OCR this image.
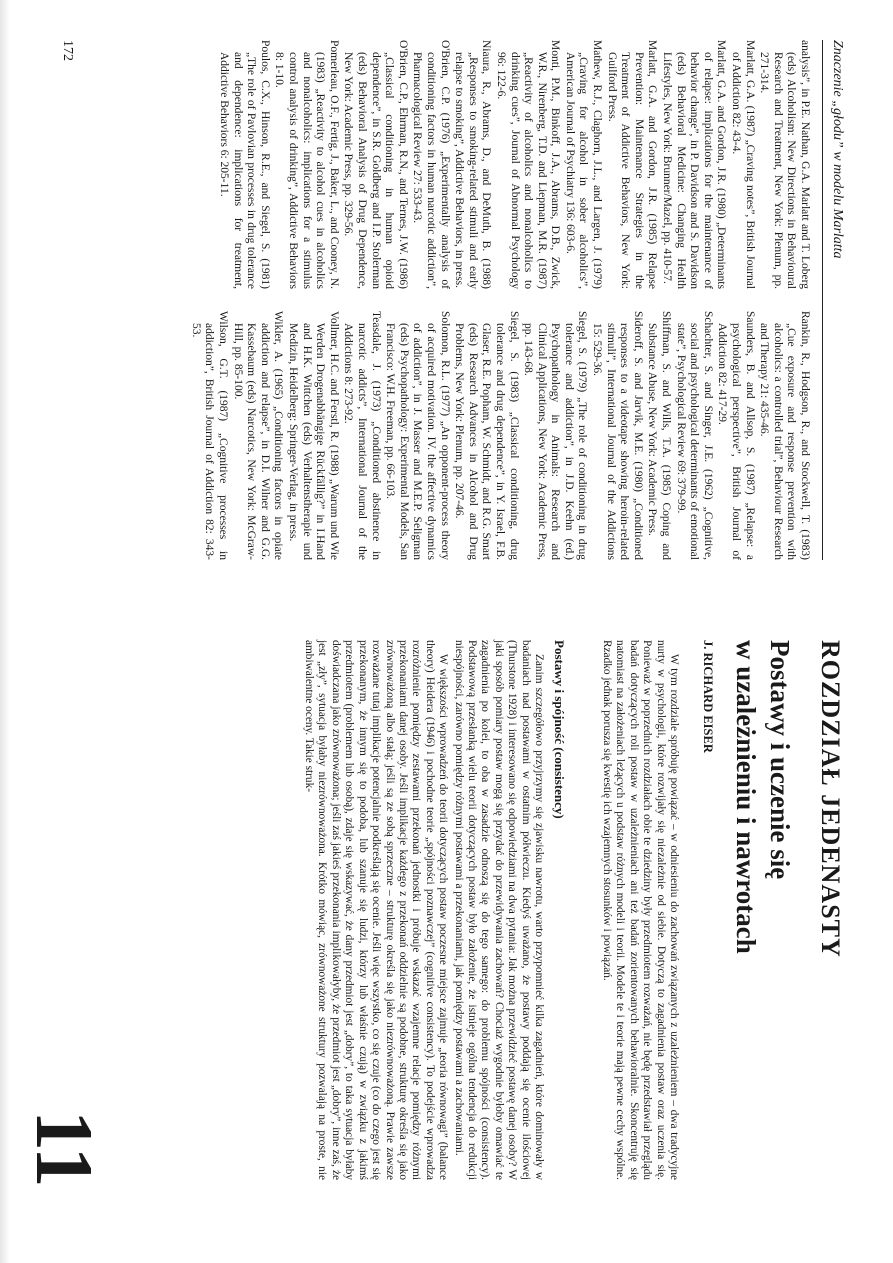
Znaczenie „głodu” w modelu Marlatta

analysis”, in P.E. Nathan, G.A. Marlatt and T. Loberg (eds) Alcoholism: New Directions in Behavioural Research and Treatment, New York: Plenum, pp. 271-314.

Marlatt, G.A. (1987) „Craving notes”, British Journal of Addiction 82: 43-4.

Marlatt, G.A. and Gordon, J.R. (1980) „Determinants of relapse: implications for the maintenance of behavior change”, in P. Davidson and S. Davidson (eds) Behavioral Medicine: Changing Health Lifestyles, New York: Brunner/Mazel, pp. 410-57.

Marlatt, G.A. and Gordon, J.R. (1985) Relapse Prevention: Maintenance Strategies in the Treatment of Addictive Behaviors, New York: Guilford Press.

Mathew, R.J., Claghorn, J.L., and Largen, J. (1979) „Craving for alcohol in sober alcoholics”, American Journal of Psychiatry 136: 603-6.

Monti, P.M., Binkoff, J.A., Abrams, D.B., Zwick, W.R., Nirenberg, T.D. and Liepman, M.R. (1987) „Reactivity of alcoholics and nonalcoholics to drinking cues”, Journal of Abnormal Psychology 96: 122-6.

Niaura, R., Abrams, D., and DeMuth, B. (1988) „Responses to smoking-related stimuli and early relapse to smoking”, Addictive Behaviors, in press.

O'Brien, C.P. (1976) „Experimentally analysis of conditioning factors in human narcotic addiction”, Pharmacological Review 27: 533-43.

O'Brien, C.P., Ehrman, R.N., and Ternes, J.W. (1986) „Classical conditioning in human opioid dependence”, in S.R. Goldberg and I.P. Stolerman (eds) Behavioral Analysis of Drug Dependence, New York: Academic Press, pp. 329-56.

Pomerleau, O.F., Fertig, J., Baker, L., and Cooney, N. (1983) „Reactivity to alcohol cues in alcoholics and nonalcoholics: implications for a stimulus control analysis of drinking”, Addictive Behaviors 8: 1-10.

Poulos, C.X., Hinson, R.E., and Siegel, S. (1981) „The role of Pavlovian processes in drug tolerance and dependence: implications for treatment, Addictive Behaviors 6: 205-11.

Rankin, R., Hodgson, R., and Stockwell, T. (1983) „Cue exposure and response prevention with alcoholics: a controlled trial”, Behaviour Research and Therapy 21: 435-46.

Saunders, B. and Allsop, S. (1987) „Relapse: a psychological perspective”, British Journal of Addiction 82: 417-29.

Schachter, S. and Singer, J.E. (1962) „Cognitive, social and psychological determinants of emotional state”, Psychological Review 69: 379-99.

Shiffman, S. and Wills, T.A. (1985) Coping and Substance Abuse, New York: Academic Press.

Sideroff, S. and Jarvik, M.E. (1980) „Conditioned responses to a videotape showing heroin-related stimuli”, International Journal of the Addictions 15: 529-36.

Siegel, S. (1979) „The role of conditioning in drug tolerance and addiction”, in J.D. Keehn (ed.) Psychopathology in Animals: Research and Clinical Applications, New York: Academic Press, pp. 143-68.

Siegel, S. (1983) „Classical conditioning, drug tolerance and drug dependence”, in Y. Israel, F.B. Glaser, R.E. Popham, W. Schmidt, and R.G. Smart (eds) Research Advances in Alcohol and Drug Problems, New York: Plenum, pp. 207-46.

Solomon, R.L. (1977) „An opponent-process theory of acquired motivation. IV. the affective dynamics of addiction”, in J. Masser and M.E.P. Seligman (eds) Psychopathology: Experimental Models, San Francisco: W.H. Freeman, pp. 66-103.

Teasdale, J. (1973) „Conditioned abstinence in narcotic addicts”, International Journal of the Addictions 8: 273-92.

Vollmer, H.C. and Ferstl, R. (1988) „Warum und Wie Werden Drogenabhängige Rückfällig?” in I.Hand and H.K. Wittchen (eds) Verhaltenstherapie und Medizin, Heidelberg: Springer-Verlag, in press.

Wikler, A. (1965) „Conditioning factors in opiate addiction and relapse”, in D.I. Wilner and G.G. Kassebaum (eds) Narcotics, New York: McGraw-Hill, pp. 85-100.

Wilson, G.T. (1987) „Cognitive processes in addiction”, British Journal of Addiction 82: 343-53.

172
ROZDZIAŁ JEDENASTY
11
Postawy i uczenie się
w uzależnieniu i nawrotach
J. RICHARD EISER

W tym rozdziale spróbuję powiązać – w odniesieniu do zachowań związanych z uzależnieniem – dwa tradycyjne nurty w psychologii, które rozwijały się niezależnie od siebie. Dotyczą to zagadnienia postaw oraz uczenia się. Ponieważ w poprzednich rozdziałach obie te dziedziny były przedmiotem rozważań, nie będę przedstawiał przeglądu badań dotyczących roli postaw w uzależnieniach ani też badań zorientowanych behawioralnie. Skoncentruję się natomiast na założeniach leżących u podstaw różnych modeli i teorii. Modele te i teorie mają pewne cechy wspólne. Rzadko jednak porusza się kwestię ich wzajemnych stosunków i powiązań.

Postawy i spójność (consistency)

Zanim szczegółowo przyjrzymy się zjawisku nawrotu, warto przypomnieć kilka zagadnień, które dominowały w badaniach nad postawami w ostatnim półwieczu. Kiedyś uważano, że postawy poddają się ocenie ilościowej (Thurstone 1928) i interesowano się odpowiedziami na dwa pytania: Jak można przewidzieć postawę danej osoby? W jaki sposób pomiary postaw mogą się przydać do przewidywania zachowań? Chociaż wygodnie byłoby omawiać te zagadnienia po kolei, to oba w zasadzie odnoszą się do tego samego: do problemu spójności (consistency). Podstawową przesłanką wielu teorii dotyczących postaw było założenie, że istnieje ogólna tendencja do redukcji niespójności, zarówno pomiędzy różnymi postawami a przekonaniami, jak pomiędzy postawami a zachowaniami.

W większości wprowadzeń do teorii dotyczących postaw poczesne miejsce zajmuje „teoria równowagi” (balance theory) Heidera (1946) i pochodne teorie „spójności poznawczej” (cognitive consistency). To podejście wprowadza rozróżnienie pomiędzy zestawami przekonań jednostki i próbuje wskazać wzajemne relacje pomiędzy różnymi przekonaniami danej osoby. Jeśli implikacje każdego z przekonań oddzielnie są podobne, strukturę określa się jako zrównoważoną albo stałą; jeśli są ze sobą sprzeczne – strukturę określa się jako niezrównoważoną. Prawie zawsze rozważane tutaj implikacje potencjalnie podkreślają się ocenie. Jeśli więc wszystko, co się czuje (co do czego jest się przekonanym, że innym się to podoba, lub szanuje się ludzi, którzy lub właśnie czują) w związku z jakimś przedmiotem (problemem lub osobą), zdaje się wskazywać, że dany przedmiot jest „dobry”, to taka sytuacja byłaby doświadczana jako zrównoważona; jeśli zaś jakieś przekonania implikowałyby, że przedmiot jest „dobry”, inne zaś, że jest „zły”, sytuacja byłaby niezrównoważona. Krótko mówiąc, zrównoważone struktury pozwalają na proste, nie ambiwalentne oceny. Takie struk-
